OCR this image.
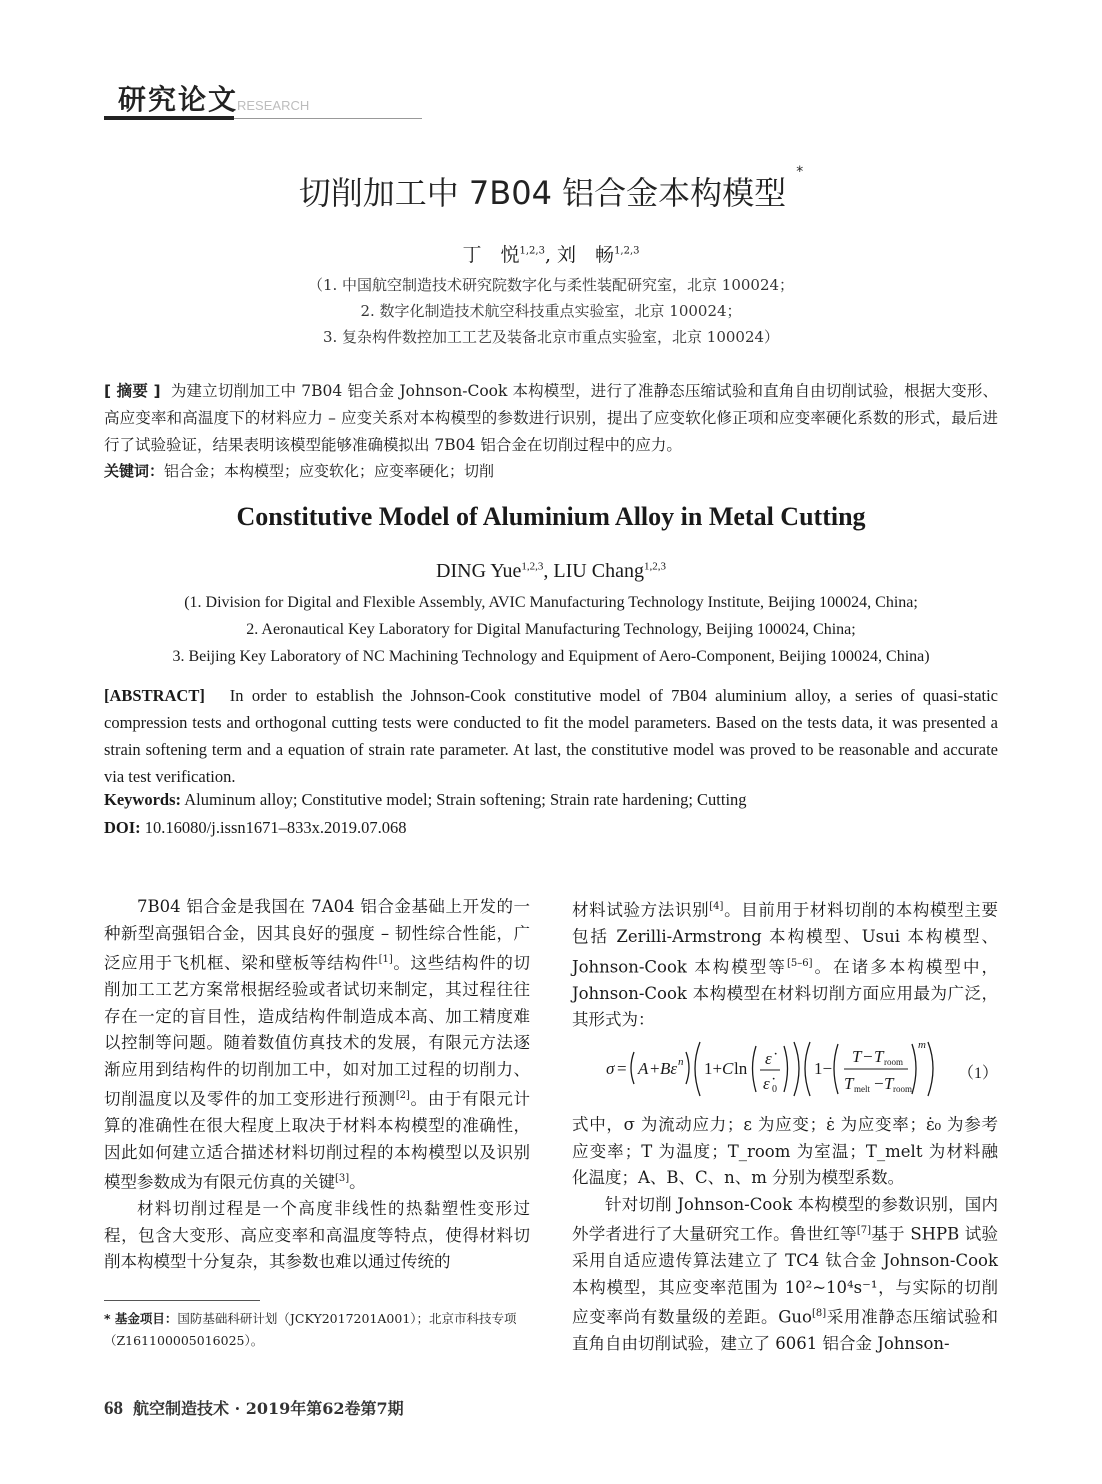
研究论文
RESEARCH
切削加工中 7B04 铝合金本构模型 *
丁　悦$^{1,2,3}$, 刘　畅$^{1,2,3}$
（1. 中国航空制造技术研究院数字化与柔性装配研究室，北京 100024；
2. 数字化制造技术航空科技重点实验室，北京 100024；
3. 复杂构件数控加工工艺及装备北京市重点实验室，北京 100024）
[ 摘要 ] 为建立切削加工中 7B04 铝合金 Johnson-Cook 本构模型，进行了准静态压缩试验和直角自由切削试验，根据大变形、高应变率和高温度下的材料应力 – 应变关系对本构模型的参数进行识别，提出了应变软化修正项和应变率硬化系数的形式，最后进行了试验验证，结果表明该模型能够准确模拟出 7B04 铝合金在切削过程中的应力。
关键词：铝合金；本构模型；应变软化；应变率硬化；切削
Constitutive Model of Aluminium Alloy in Metal Cutting
DING Yue$^{1,2,3}$, LIU Chang$^{1,2,3}$
(1. Division for Digital and Flexible Assembly, AVIC Manufacturing Technology Institute, Beijing 100024, China;
2. Aeronautical Key Laboratory for Digital Manufacturing Technology, Beijing 100024, China;
3. Beijing Key Laboratory of NC Machining Technology and Equipment of Aero-Component, Beijing 100024, China)
[ABSTRACT] In order to establish the Johnson-Cook constitutive model of 7B04 aluminium alloy, a series of quasi-static compression tests and orthogonal cutting tests were conducted to fit the model parameters. Based on the tests data, it was presented a strain softening term and a equation of strain rate parameter. At last, the constitutive model was proved to be reasonable and accurate via test verification.
Keywords: Aluminum alloy; Constitutive model; Strain softening; Strain rate hardening; Cutting
DOI: 10.16080/j.issn1671–833x.2019.07.068

7B04 铝合金是我国在 7A04 铝合金基础上开发的一种新型高强铝合金，因其良好的强度 – 韧性综合性能，广泛应用于飞机框、梁和壁板等结构件[1]。这些结构件的切削加工工艺方案常根据经验或者试切来制定，其过程往往存在一定的盲目性，造成结构件制造成本高、加工精度难以控制等问题。随着数值仿真技术的发展，有限元方法逐渐应用到结构件的切削加工中，如对加工过程的切削力、切削温度以及零件的加工变形进行预测[2]。由于有限元计算的准确性在很大程度上取决于材料本构模型的准确性，因此如何建立适合描述材料切削过程的本构模型以及识别模型参数成为有限元仿真的关键[3]。

材料切削过程是一个高度非线性的热黏塑性变形过程，包含大变形、高应变率和高温度等特点，使得材料切削本构模型十分复杂，其参数也难以通过传统的

材料试验方法识别[4]。目前用于材料切削的本构模型主要包括 Zerilli-Armstrong 本构模型、Usui 本构模型、Johnson-Cook 本构模型等[5–6]。在诸多本构模型中，Johnson-Cook 本构模型在材料切削方面应用最为广泛，其形式为：

σ = A + Bε n 1+ C ln
ε̇
ε̇ 0
1−
T − T room
T melt − T room
m
（1）

式中，σ 为流动应力；ε 为应变；ε̇ 为应变率；ε̇₀ 为参考应变率；T 为温度；T_room 为室温；T_melt 为材料融化温度；A、B、C、n、m 分别为模型系数。

针对切削 Johnson-Cook 本构模型的参数识别，国内外学者进行了大量研究工作。鲁世红等[7]基于 SHPB 试验采用自适应遗传算法建立了 TC4 钛合金 Johnson-Cook 本构模型，其应变率范围为 10²~10⁴s⁻¹，与实际的切削应变率尚有数量级的差距。Guo[8]采用准静态压缩试验和直角自由切削试验，建立了 6061 铝合金 Johnson-

* 基金项目：国防基础科研计划（JCKY2017201A001）；北京市科技专项（Z161100005016025）。
68 航空制造技术 · 2019年第62卷第7期
